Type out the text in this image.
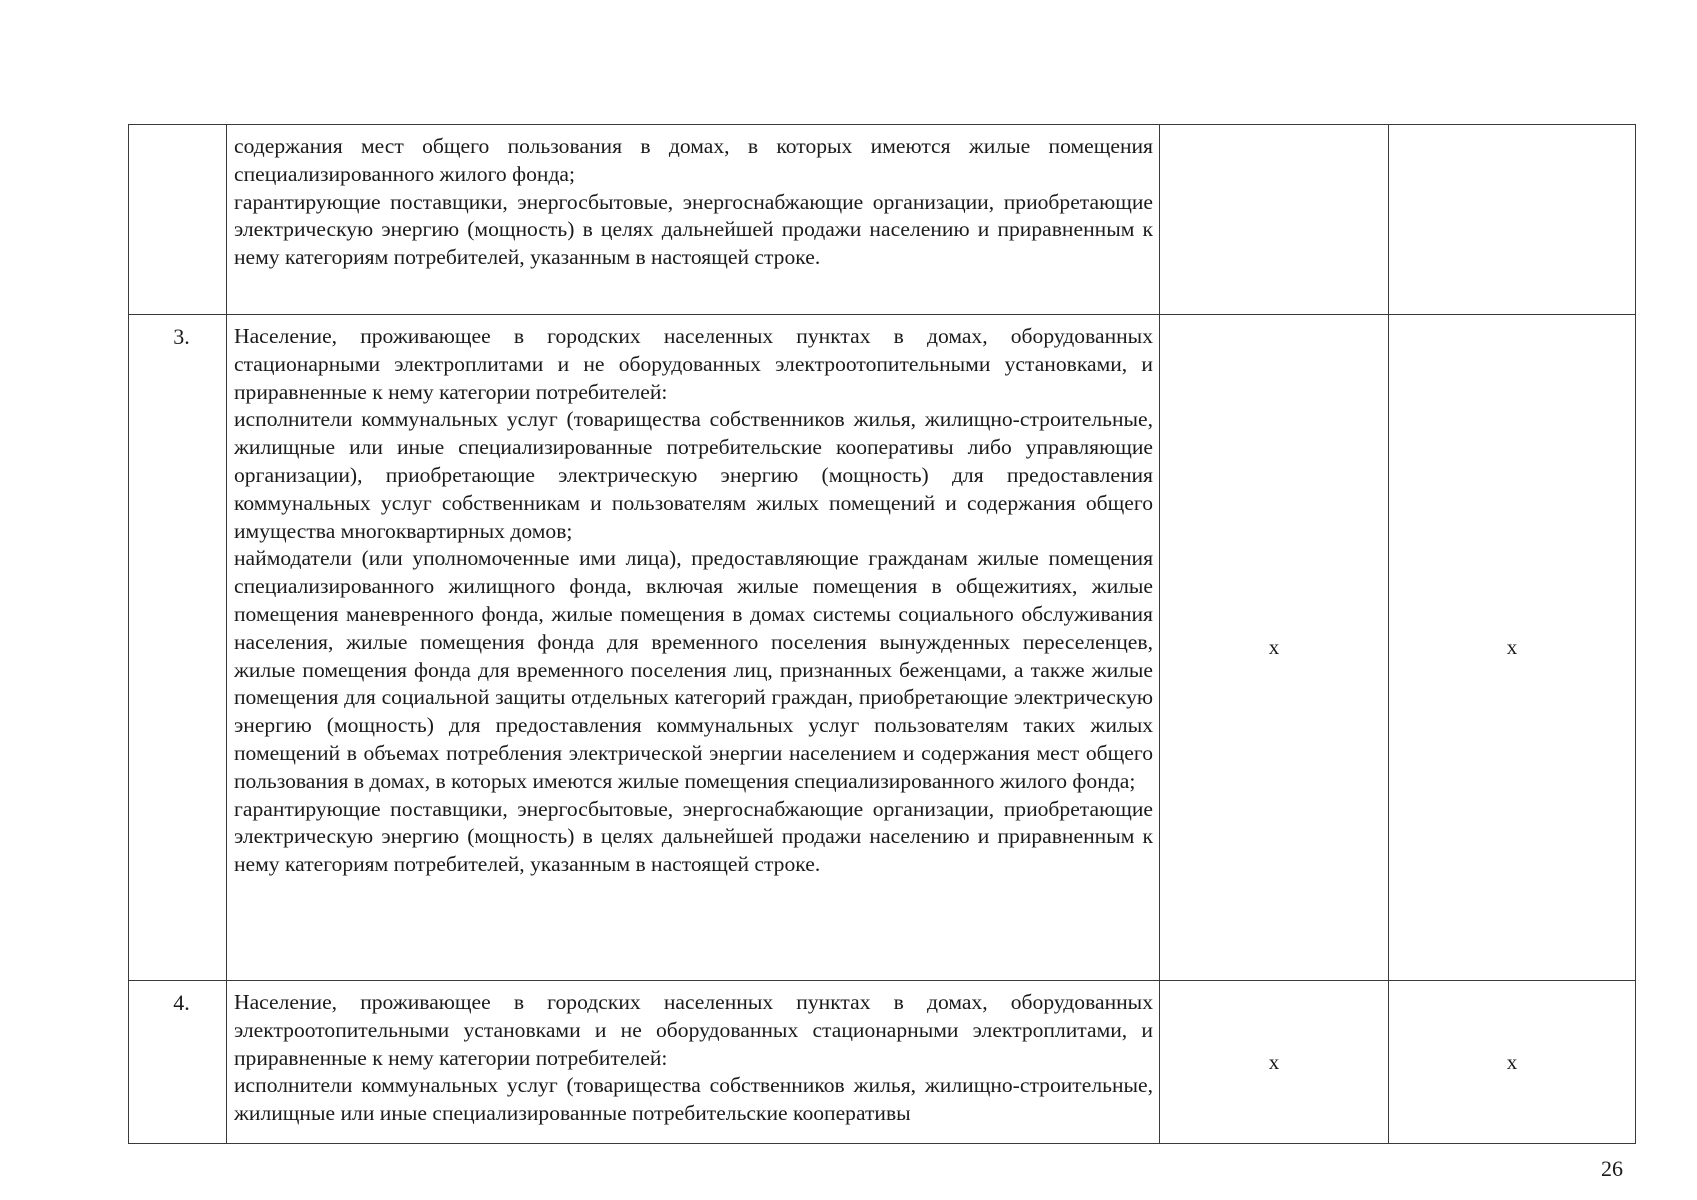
	содержания мест общего пользования в домах, в которых имеются жилые помещения специализированного жилого фонда;

гарантирующие поставщики, энергосбытовые, энергоснабжающие организации, приобретающие электрическую энергию (мощность) в целях дальнейшей продажи населению и приравненным к нему категориям потребителей, указанным в настоящей строке.		

3.	Население, проживающее в городских населенных пунктах в домах, оборудованных стационарными электроплитами и не оборудованных электроотопительными установками, и приравненные к нему категории потребителей:

исполнители коммунальных услуг (товарищества собственников жилья, жилищно-строительные, жилищные или иные специализированные потребительские кооперативы либо управляющие организации), приобретающие электрическую энергию (мощность) для предоставления коммунальных услуг собственникам и пользователям жилых помещений и содержания общего имущества многоквартирных домов;

наймодатели (или уполномоченные ими лица), предоставляющие гражданам жилые помещения специализированного жилищного фонда, включая жилые помещения в общежитиях, жилые помещения маневренного фонда, жилые помещения в домах системы социального обслуживания населения, жилые помещения фонда для временного поселения вынужденных переселенцев, жилые помещения фонда для временного поселения лиц, признанных беженцами, а также жилые помещения для социальной защиты отдельных категорий граждан, приобретающие электрическую энергию (мощность) для предоставления коммунальных услуг пользователям таких жилых помещений в объемах потребления электрической энергии населением и содержания мест общего пользования в домах, в которых имеются жилые помещения специализированного жилого фонда;

гарантирующие поставщики, энергосбытовые, энергоснабжающие организации, приобретающие электрическую энергию (мощность) в целях дальнейшей продажи населению и приравненным к нему категориям потребителей, указанным в настоящей строке.	х	х
4.	Население, проживающее в городских населенных пунктах в домах, оборудованных электроотопительными установками и не оборудованных стационарными электроплитами, и приравненные к нему категории потребителей:

исполнители коммунальных услуг (товарищества собственников жилья, жилищно-строительные, жилищные или иные специализированные потребительские кооперативы	х	х
26
